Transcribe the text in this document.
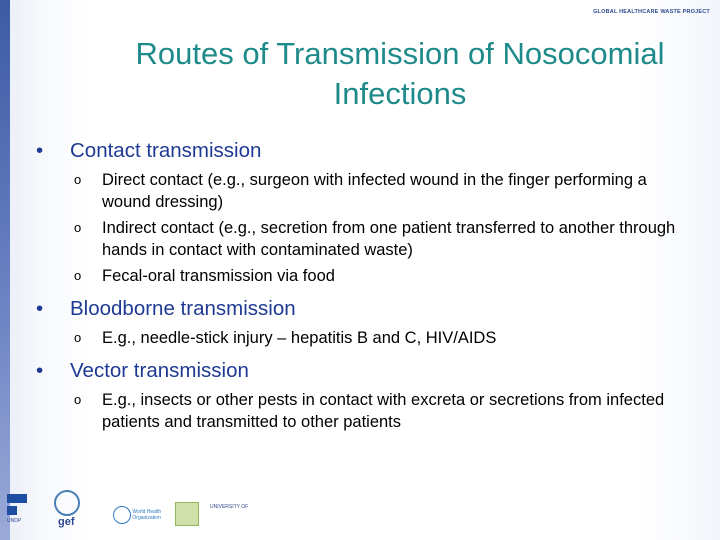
GLOBAL HEALTHCARE WASTE PROJECT
Routes of Transmission of Nosocomial
Infections
• Contact transmission
o Direct contact (e.g., surgeon with infected wound in the finger performing a wound dressing)
o Indirect contact (e.g., secretion from one patient transferred to another through hands in contact with contaminated waste)
o Fecal-oral transmission via food
• Bloodborne transmission
o E.g., needle-stick injury – hepatitis B and C, HIV/AIDS
• Vector transmission
o E.g., insects or other pests in contact with excreta or secretions from infected patients and transmitted to other patients
UNDP	gef
World Health Organization
UNIVERSITY OF
